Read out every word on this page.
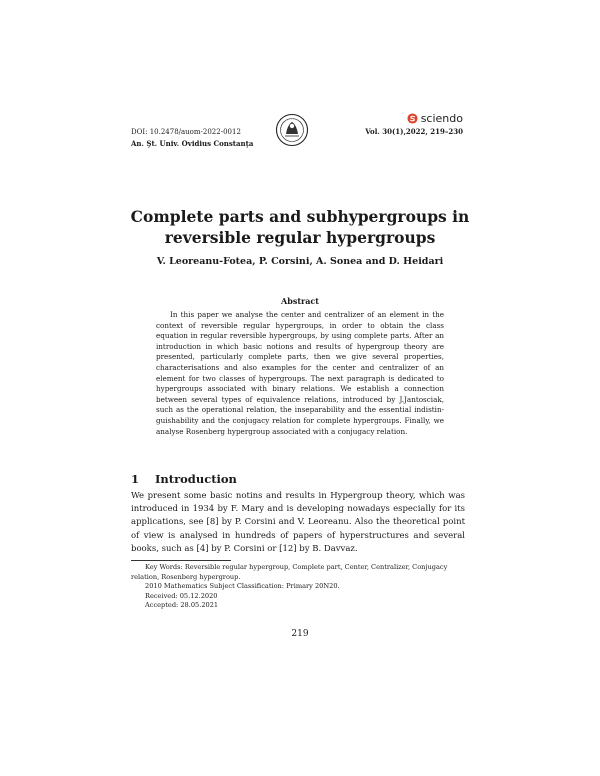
DOI: 10.2478/auom-2022-0012
An. Şt. Univ. Ovidius Constanţa
sciendo
Vol. 30(1),2022, 219–230
Complete parts and subhypergroups in
reversible regular hypergroups
V. Leoreanu-Fotea, P. Corsini, A. Sonea and D. Heidari
Abstract

In this paper we analyse the center and centralizer of an element in the context of reversible regular hypergroups, in order to obtain the class equation in regular reversible hypergroups, by using complete parts. After an introduction in which basic notions and results of hypergroup theory are presented, particularly complete parts, then we give several properties, characterisations and also examples for the center and centralizer of an element for two classes of hypergroups. The next paragraph is dedicated to hypergroups associated with binary relations. We establish a connection between several types of equivalence relations, introduced by J.Jantosciak, such as the operational relation, the inseparability and the essential indistin-guishability and the conjugacy relation for complete hypergroups. Finally, we analyse Rosenberg hypergroup associated with a conjugacy relation.

1 Introduction

We present some basic notins and results in Hypergroup theory, which was introduced in 1934 by F. Mary and is developing nowadays especially for its applications, see [8] by P. Corsini and V. Leoreanu. Also the theoretical point of view is analysed in hundreds of papers of hyperstructures and several books, such as [4] by P. Corsini or [12] by B. Davvaz.

Key Words: Reversible regular hypergroup, Complete part, Center, Centralizer, Conjugacy relation, Rosenberg hypergroup.

2010 Mathematics Subject Classification: Primary 20N20.

Received: 05.12.2020

Accepted: 28.05.2021

219
